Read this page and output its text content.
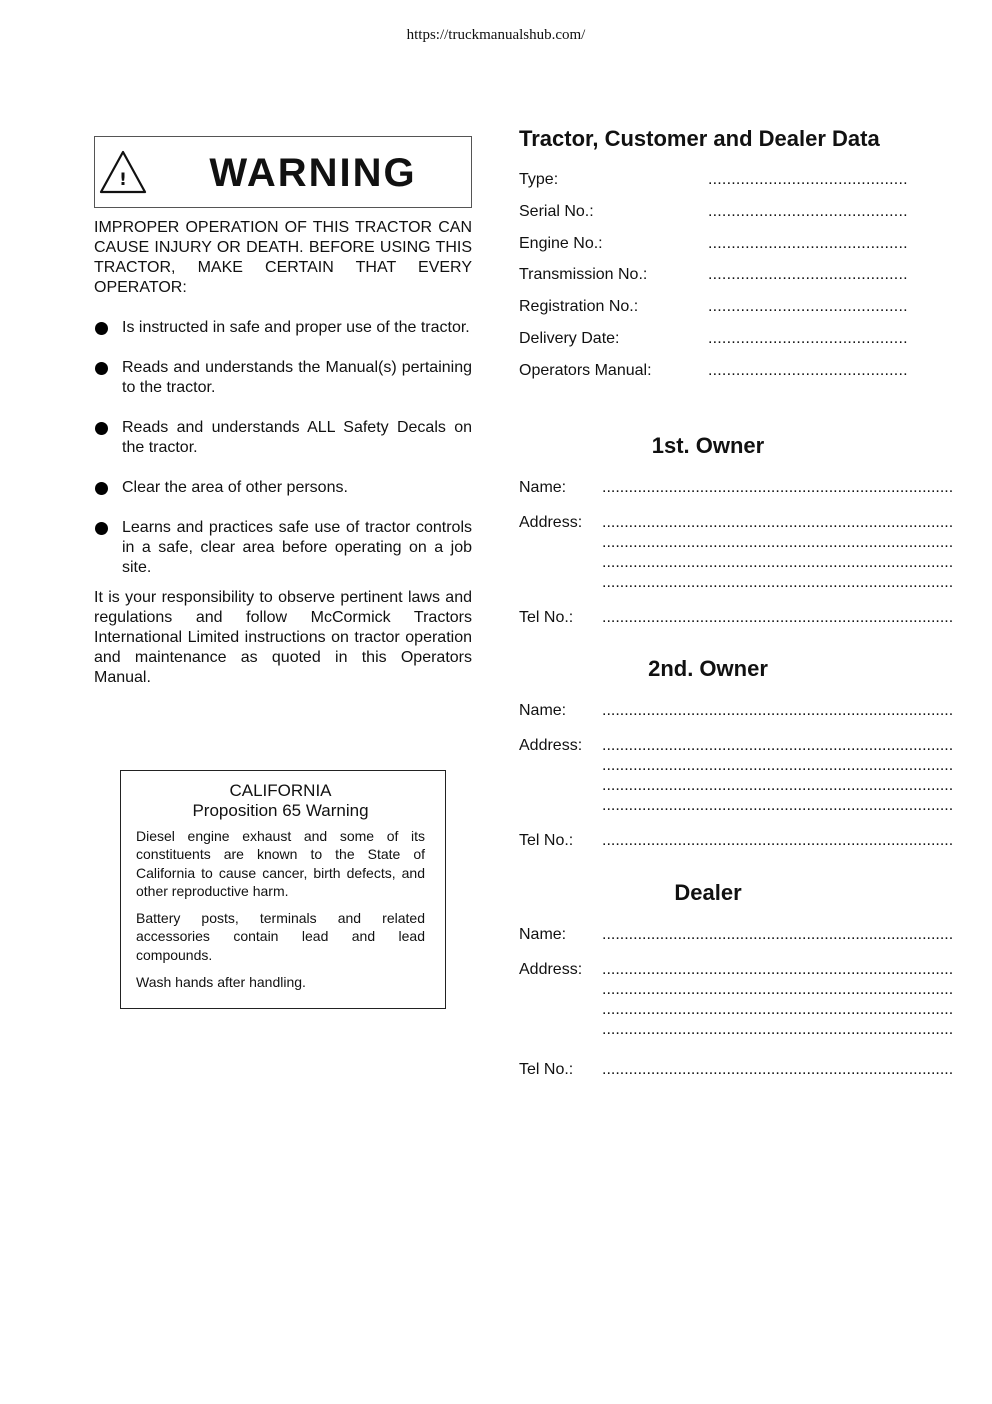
https://truckmanualshub.com/
!	WARNING

IMPROPER OPERATION OF THIS TRACTOR CAN CAUSE INJURY OR DEATH. BEFORE USING THIS TRACTOR, MAKE CERTAIN THAT EVERY OPERATOR:

Is instructed in safe and proper use of the tractor.
Reads and understands the Manual(s) pertaining to the tractor.
Reads and understands ALL Safety Decals on the tractor.
Clear the area of other persons.
Learns and practices safe use of tractor controls in a safe, clear area before operating on a job site.

It is your responsibility to observe pertinent laws and regulations and follow McCormick Tractors International Limited instructions on tractor operation and maintenance as quoted in this Operators Manual.

CALIFORNIA
Proposition 65 Warning

Diesel engine exhaust and some of its constituents are known to the State of California to cause cancer, birth defects, and other reproductive harm.

Battery posts, terminals and related accessories contain lead and lead compounds.

Wash hands after handling.

Tractor, Customer and Dealer Data
Type:	...........................................
Serial No.:	...........................................
Engine No.:	...........................................
Transmission No.:	...........................................
Registration No.:	...........................................
Delivery Date:	...........................................
Operators Manual:	...........................................
1st. Owner
Name: ...............................................................................
Address: ...............................................................................
...............................................................................
...............................................................................
...............................................................................
Tel No.: ...............................................................................
2nd. Owner
Name: ...............................................................................
Address: ...............................................................................
...............................................................................
...............................................................................
...............................................................................
Tel No.: ...............................................................................
Dealer
Name: ...............................................................................
Address: ...............................................................................
...............................................................................
...............................................................................
...............................................................................
Tel No.: ...............................................................................
